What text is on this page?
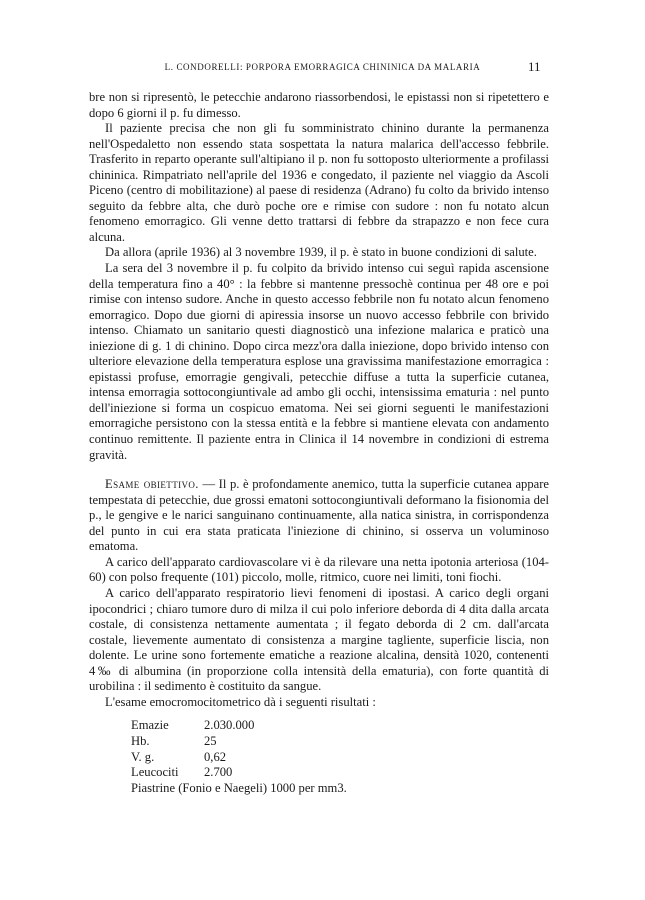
L. CONDORELLI: PORPORA EMORRAGICA CHININICA DA MALARIA	11

bre non si ripresentò, le petecchie andarono riassorbendosi, le epistassi non si ripetettero e dopo 6 giorni il p. fu dimesso.

Il paziente precisa che non gli fu somministrato chinino durante la permanenza nell'Ospedaletto non essendo stata sospettata la natura malarica dell'accesso febbrile. Trasferito in reparto operante sull'altipiano il p. non fu sottoposto ulteriormente a profilassi chininica. Rimpatriato nell'aprile del 1936 e congedato, il paziente nel viaggio da Ascoli Piceno (centro di mobilitazione) al paese di residenza (Adrano) fu colto da brivido intenso seguito da febbre alta, che durò poche ore e rimise con sudore : non fu notato alcun fenomeno emorragico. Gli venne detto trattarsi di febbre da strapazzo e non fece cura alcuna.

Da allora (aprile 1936) al 3 novembre 1939, il p. è stato in buone condizioni di salute.

La sera del 3 novembre il p. fu colpito da brivido intenso cui seguì rapida ascensione della temperatura fino a 40° : la febbre si mantenne pressochè continua per 48 ore e poi rimise con intenso sudore. Anche in questo accesso febbrile non fu notato alcun fenomeno emorragico. Dopo due giorni di apiressia insorse un nuovo accesso febbrile con brivido intenso. Chiamato un sanitario questi diagnosticò una infezione malarica e praticò una iniezione di g. 1 di chinino. Dopo circa mezz'ora dalla iniezione, dopo brivido intenso con ulteriore elevazione della temperatura esplose una gravissima manifestazione emorragica : epistassi profuse, emorragie gengivali, petecchie diffuse a tutta la superficie cutanea, intensa emorragia sottocongiuntivale ad ambo gli occhi, intensissima ematuria : nel punto dell'iniezione si forma un cospicuo ematoma. Nei sei giorni seguenti le manifestazioni emorragiche persistono con la stessa entità e la febbre si mantiene elevata con andamento continuo remittente. Il paziente entra in Clinica il 14 novembre in condizioni di estrema gravità.

Esame obiettivo. — Il p. è profondamente anemico, tutta la superficie cutanea appare tempestata di petecchie, due grossi ematoni sottocongiuntivali deformano la fisionomia del p., le gengive e le narici sanguinano continuamente, alla natica sinistra, in corrispondenza del punto in cui era stata praticata l'iniezione di chinino, si osserva un voluminoso ematoma.

A carico dell'apparato cardiovascolare vi è da rilevare una netta ipotonia arteriosa (104-60) con polso frequente (101) piccolo, molle, ritmico, cuore nei limiti, toni fiochi.

A carico dell'apparato respiratorio lievi fenomeni di ipostasi. A carico degli organi ipocondrici ; chiaro tumore duro di milza il cui polo inferiore deborda di 4 dita dalla arcata costale, di consistenza nettamente aumentata ; il fegato deborda di 2 cm. dall'arcata costale, lievemente aumentato di consistenza a margine tagliente, superficie liscia, non dolente. Le urine sono fortemente ematiche a reazione alcalina, densità 1020, contenenti 4‰ di albumina (in proporzione colla intensità della ematuria), con forte quantità di urobilina : il sedimento è costituito da sangue.

L'esame emocromocitometrico dà i seguenti risultati :

Emazie	2.030.000
Hb.	25
V. g.	0,62
Leucociti	2.700
Piastrine (Fonio e Naegeli) 1000 per mm3.	
